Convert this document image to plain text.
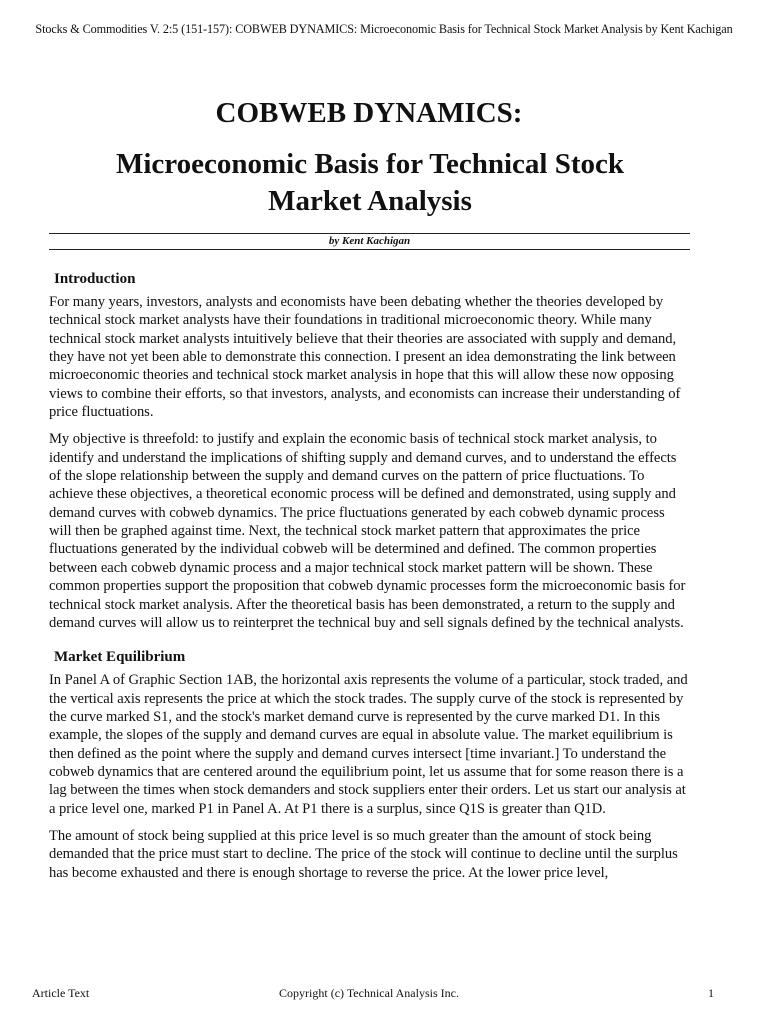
Stocks & Commodities V. 2:5 (151-157): COBWEB DYNAMICS: Microeconomic Basis for Technical Stock Market Analysis by Kent Kachigan
COBWEB DYNAMICS:
Microeconomic Basis for Technical Stock Market Analysis
by Kent Kachigan
Introduction

For many years, investors, analysts and economists have been debating whether the theories developed by technical stock market analysts have their foundations in traditional microeconomic theory. While many technical stock market analysts intuitively believe that their theories are associated with supply and demand, they have not yet been able to demonstrate this connection. I present an idea demonstrating the link between microeconomic theories and technical stock market analysis in hope that this will allow these now opposing views to combine their efforts, so that investors, analysts, and economists can increase their understanding of price fluctuations.

My objective is threefold: to justify and explain the economic basis of technical stock market analysis, to identify and understand the implications of shifting supply and demand curves, and to understand the effects of the slope relationship between the supply and demand curves on the pattern of price fluctuations. To achieve these objectives, a theoretical economic process will be defined and demonstrated, using supply and demand curves with cobweb dynamics. The price fluctuations generated by each cobweb dynamic process will then be graphed against time. Next, the technical stock market pattern that approximates the price fluctuations generated by the individual cobweb will be determined and defined. The common properties between each cobweb dynamic process and a major technical stock market pattern will be shown. These common properties support the proposition that cobweb dynamic processes form the microeconomic basis for technical stock market analysis. After the theoretical basis has been demonstrated, a return to the supply and demand curves will allow us to reinterpret the technical buy and sell signals defined by the technical analysts.

Market Equilibrium

In Panel A of Graphic Section 1AB, the horizontal axis represents the volume of a particular, stock traded, and the vertical axis represents the price at which the stock trades. The supply curve of the stock is represented by the curve marked S1, and the stock's market demand curve is represented by the curve marked D1. In this example, the slopes of the supply and demand curves are equal in absolute value. The market equilibrium is then defined as the point where the supply and demand curves intersect [time invariant.] To understand the cobweb dynamics that are centered around the equilibrium point, let us assume that for some reason there is a lag between the times when stock demanders and stock suppliers enter their orders. Let us start our analysis at a price level one, marked P1 in Panel A. At P1 there is a surplus, since Q1S is greater than Q1D.

The amount of stock being supplied at this price level is so much greater than the amount of stock being demanded that the price must start to decline. The price of the stock will continue to decline until the surplus has become exhausted and there is enough shortage to reverse the price. At the lower price level,

Article Text	Copyright (c) Technical Analysis Inc.	1
